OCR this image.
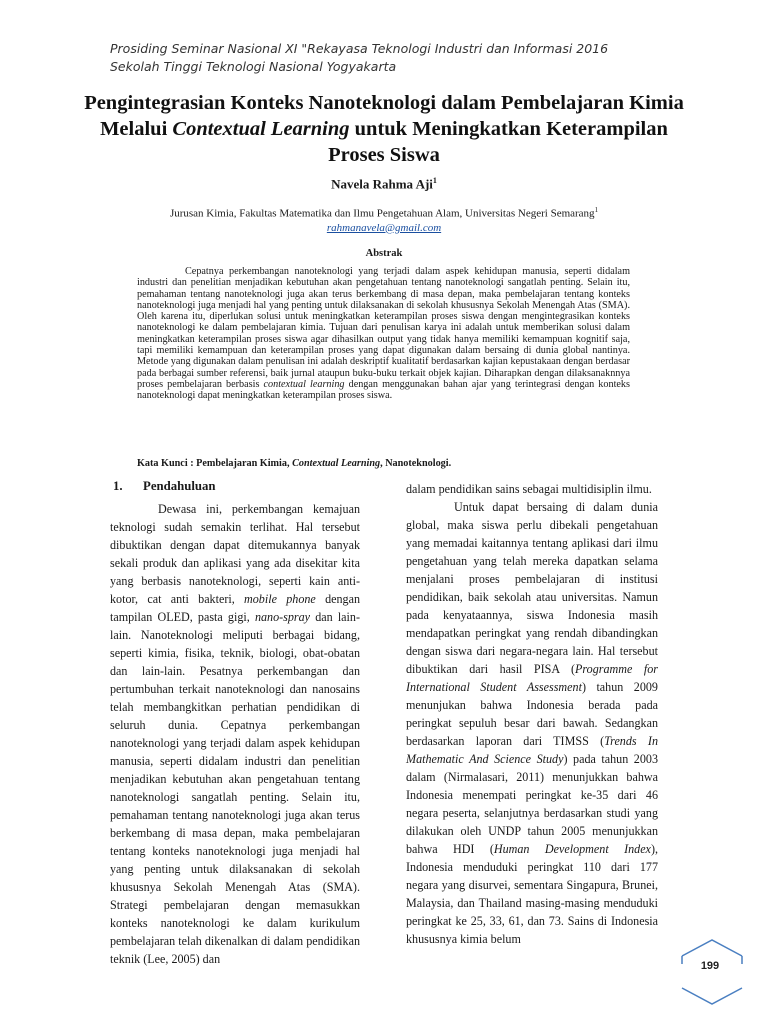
Prosiding Seminar Nasional XI "Rekayasa Teknologi Industri dan Informasi 2016
Sekolah Tinggi Teknologi Nasional Yogyakarta
Pengintegrasian Konteks Nanoteknologi dalam Pembelajaran Kimia Melalui Contextual Learning untuk Meningkatkan Keterampilan Proses Siswa
Navela Rahma Aji$^1$
Jurusan Kimia, Fakultas Matematika dan Ilmu Pengetahuan Alam, Universitas Negeri Semarang$^1$
rahmanavela@gmail.com
Abstrak

Cepatnya perkembangan nanoteknologi yang terjadi dalam aspek kehidupan manusia, seperti didalam industri dan penelitian menjadikan kebutuhan akan pengetahuan tentang nanoteknologi sangatlah penting. Selain itu, pemahaman tentang nanoteknologi juga akan terus berkembang di masa depan, maka pembelajaran tentang konteks nanoteknologi juga menjadi hal yang penting untuk dilaksanakan di sekolah khususnya Sekolah Menengah Atas (SMA). Oleh karena itu, diperlukan solusi untuk meningkatkan keterampilan proses siswa dengan mengintegrasikan konteks nanoteknologi ke dalam pembelajaran kimia. Tujuan dari penulisan karya ini adalah untuk memberikan solusi dalam meningkatkan keterampilan proses siswa agar dihasilkan output yang tidak hanya memiliki kemampuan kognitif saja, tapi memiliki kemampuan dan keterampilan proses yang dapat digunakan dalam bersaing di dunia global nantinya. Metode yang digunakan dalam penulisan ini adalah deskriptif kualitatif berdasarkan kajian kepustakaan dengan berdasar pada berbagai sumber referensi, baik jurnal ataupun buku-buku terkait objek kajian. Diharapkan dengan dilaksanaknnya proses pembelajaran berbasis contextual learning dengan menggunakan bahan ajar yang terintegrasi dengan konteks nanoteknologi dapat meningkatkan keterampilan proses siswa.

Kata Kunci : Pembelajaran Kimia, Contextual Learning, Nanoteknologi.
1. Pendahuluan

Dewasa ini, perkembangan kemajuan teknologi sudah semakin terlihat. Hal tersebut dibuktikan dengan dapat ditemukannya banyak sekali produk dan aplikasi yang ada disekitar kita yang berbasis nanoteknologi, seperti kain anti-kotor, cat anti bakteri, mobile phone dengan tampilan OLED, pasta gigi, nano-spray dan lain-lain. Nanoteknologi meliputi berbagai bidang, seperti kimia, fisika, teknik, biologi, obat-obatan dan lain-lain. Pesatnya perkembangan dan pertumbuhan terkait nanoteknologi dan nanosains telah membangkitkan perhatian pendidikan di seluruh dunia. Cepatnya perkembangan nanoteknologi yang terjadi dalam aspek kehidupan manusia, seperti didalam industri dan penelitian menjadikan kebutuhan akan pengetahuan tentang nanoteknologi sangatlah penting. Selain itu, pemahaman tentang nanoteknologi juga akan terus berkembang di masa depan, maka pembelajaran tentang konteks nanoteknologi juga menjadi hal yang penting untuk dilaksanakan di sekolah khususnya Sekolah Menengah Atas (SMA). Strategi pembelajaran dengan memasukkan konteks nanoteknologi ke dalam kurikulum pembelajaran telah dikenalkan di dalam pendidikan teknik (Lee, 2005) dan

dalam pendidikan sains sebagai multidisiplin ilmu.

Untuk dapat bersaing di dalam dunia global, maka siswa perlu dibekali pengetahuan yang memadai kaitannya tentang aplikasi dari ilmu pengetahuan yang telah mereka dapatkan selama menjalani proses pembelajaran di institusi pendidikan, baik sekolah atau universitas. Namun pada kenyataannya, siswa Indonesia masih mendapatkan peringkat yang rendah dibandingkan dengan siswa dari negara-negara lain. Hal tersebut dibuktikan dari hasil PISA (Programme for International Student Assessment) tahun 2009 menunjukan bahwa Indonesia berada pada peringkat sepuluh besar dari bawah. Sedangkan berdasarkan laporan dari TIMSS (Trends In Mathematic And Science Study) pada tahun 2003 dalam (Nirmalasari, 2011) menunjukkan bahwa Indonesia menempati peringkat ke-35 dari 46 negara peserta, selanjutnya berdasarkan studi yang dilakukan oleh UNDP tahun 2005 menunjukkan bahwa HDI (Human Development Index), Indonesia menduduki peringkat 110 dari 177 negara yang disurvei, sementara Singapura, Brunei, Malaysia, dan Thailand masing-masing menduduki peringkat ke 25, 33, 61, dan 73. Sains di Indonesia khususnya kimia belum

199
